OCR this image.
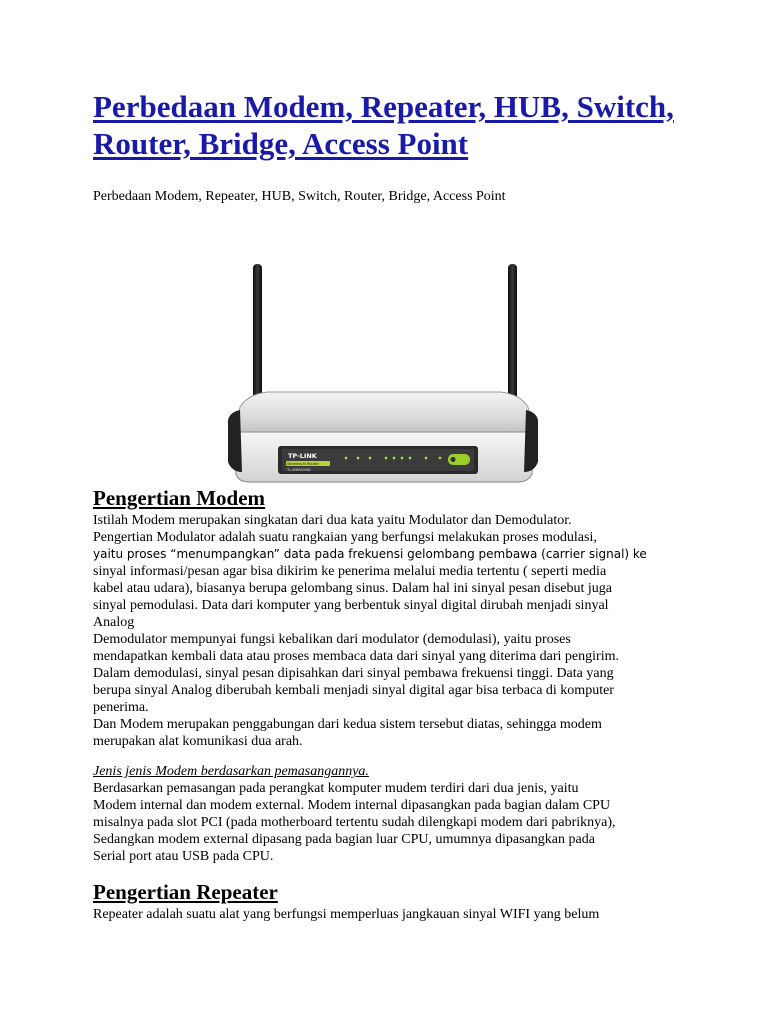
Perbedaan Modem, Repeater, HUB, Switch,
Router, Bridge, Access Point
Perbedaan Modem, Repeater, HUB, Switch, Router, Bridge, Access Point
TP-LINK
Wireless N Router
TL-WR841ND
Pengertian Modem
Istilah Modem merupakan singkatan dari dua kata yaitu Modulator dan Demodulator.
Pengertian Modulator adalah suatu rangkaian yang berfungsi melakukan proses modulasi,
yaitu proses “menumpangkan” data pada frekuensi gelombang pembawa (carrier signal) ke
sinyal informasi/pesan agar bisa dikirim ke penerima melalui media tertentu ( seperti media
kabel atau udara), biasanya berupa gelombang sinus. Dalam hal ini sinyal pesan disebut juga
sinyal pemodulasi. Data dari komputer yang berbentuk sinyal digital dirubah menjadi sinyal
Analog
Demodulator mempunyai fungsi kebalikan dari modulator (demodulasi), yaitu proses
mendapatkan kembali data atau proses membaca data dari sinyal yang diterima dari pengirim.
Dalam demodulasi, sinyal pesan dipisahkan dari sinyal pembawa frekuensi tinggi. Data yang
berupa sinyal Analog diberubah kembali menjadi sinyal digital agar bisa terbaca di komputer
penerima.
Dan Modem merupakan penggabungan dari kedua sistem tersebut diatas, sehingga modem
merupakan alat komunikasi dua arah.
Jenis jenis Modem berdasarkan pemasangannya.
Berdasarkan pemasangan pada perangkat komputer mudem terdiri dari dua jenis, yaitu
Modem internal dan modem external. Modem internal dipasangkan pada bagian dalam CPU
misalnya pada slot PCI (pada motherboard tertentu sudah dilengkapi modem dari pabriknya),
Sedangkan modem external dipasang pada bagian luar CPU, umumnya dipasangkan pada
Serial port atau USB pada CPU.
Pengertian Repeater
Repeater adalah suatu alat yang berfungsi memperluas jangkauan sinyal WIFI yang belum
